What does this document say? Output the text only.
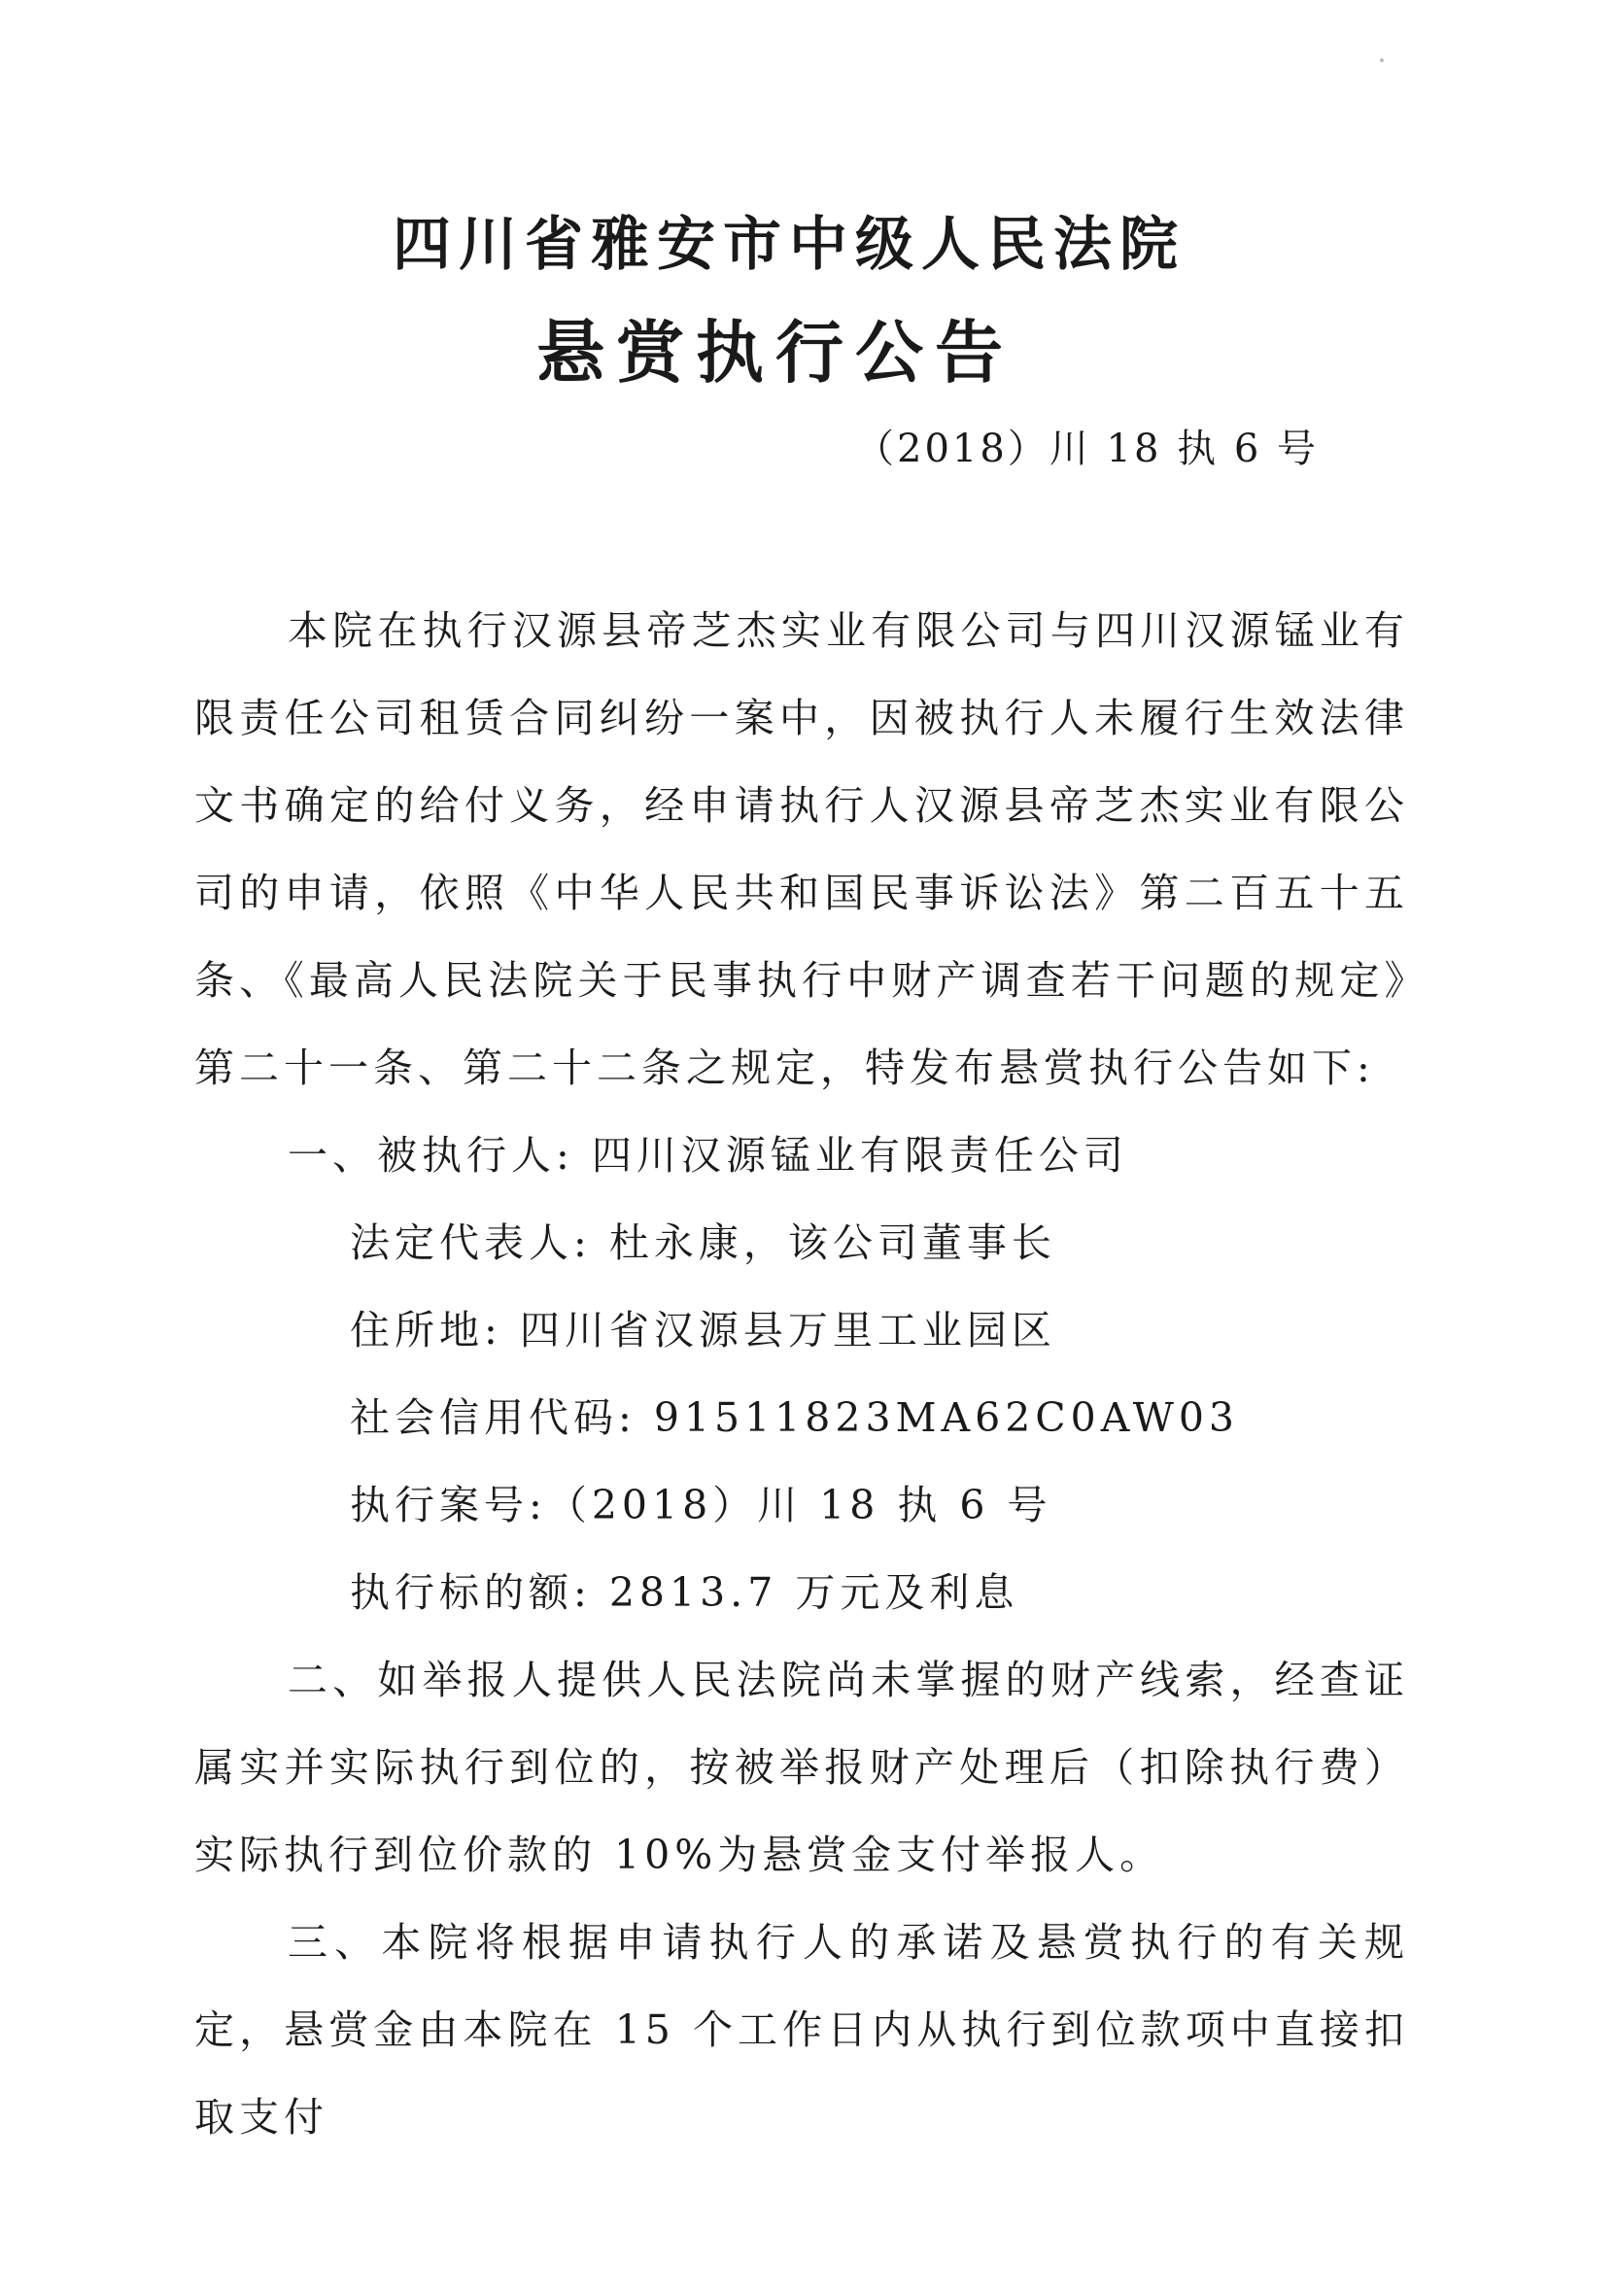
四川省雅安市中级人民法院
悬赏执行公告
（2018）川 18 执 6 号

本院在执行汉源县帝芝杰实业有限公司与四川汉源锰业有限责任公司租赁合同纠纷一案中，因被执行人未履行生效法律文书确定的给付义务，经申请执行人汉源县帝芝杰实业有限公司的申请，依照《中华人民共和国民事诉讼法》第二百五十五条、《最高人民法院关于民事执行中财产调查若干问题的规定》第二十一条、第二十二条之规定，特发布悬赏执行公告如下:

一、被执行人: 四川汉源锰业有限责任公司

法定代表人: 杜永康，该公司董事长

住所地: 四川省汉源县万里工业园区

社会信用代码: 91511823MA62C0AW03

执行案号:（2018）川 18 执 6 号

执行标的额: 2813.7 万元及利息

二、如举报人提供人民法院尚未掌握的财产线索，经查证属实并实际执行到位的，按被举报财产处理后（扣除执行费）实际执行到位价款的 10%为悬赏金支付举报人。

三、本院将根据申请执行人的承诺及悬赏执行的有关规定，悬赏金由本院在 15 个工作日内从执行到位款项中直接扣取支付
